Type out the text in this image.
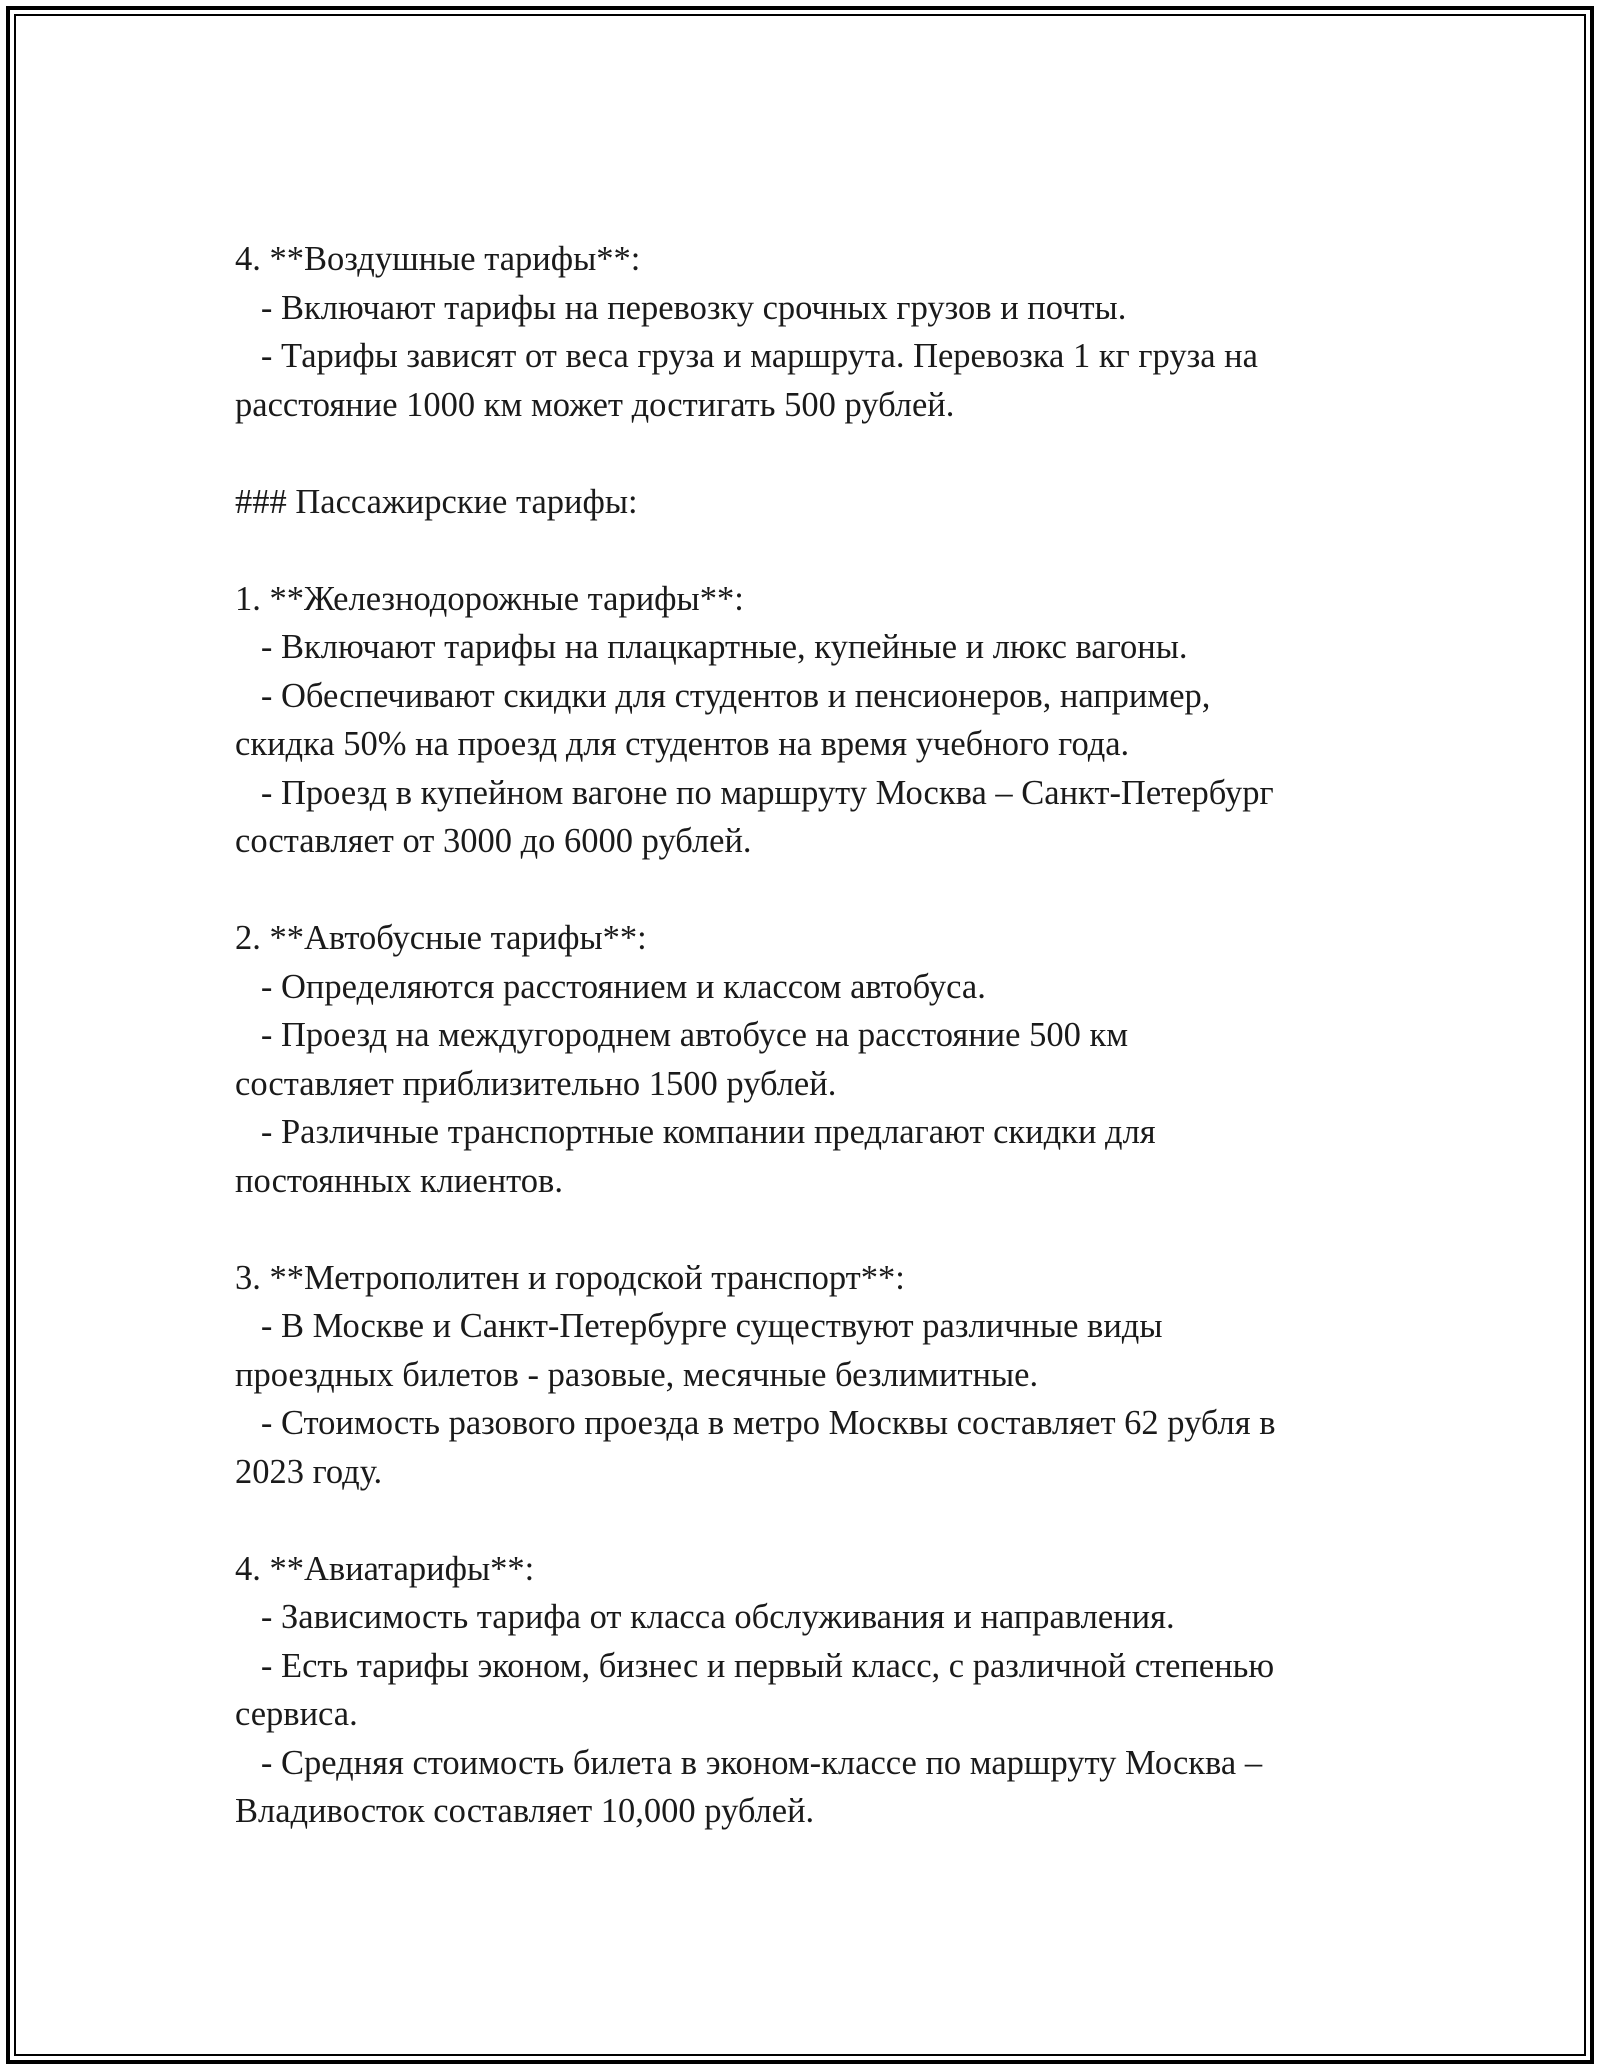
4. **Воздушные тарифы**:
- Включают тарифы на перевозку срочных грузов и почты.
- Тарифы зависят от веса груза и маршрута. Перевозка 1 кг груза на
расстояние 1000 км может достигать 500 рублей.
### Пассажирские тарифы:
1. **Железнодорожные тарифы**:
- Включают тарифы на плацкартные, купейные и люкс вагоны.
- Обеспечивают скидки для студентов и пенсионеров, например,
скидка 50% на проезд для студентов на время учебного года.
- Проезд в купейном вагоне по маршруту Москва – Санкт-Петербург
составляет от 3000 до 6000 рублей.
2. **Автобусные тарифы**:
- Определяются расстоянием и классом автобуса.
- Проезд на междугороднем автобусе на расстояние 500 км
составляет приблизительно 1500 рублей.
- Различные транспортные компании предлагают скидки для
постоянных клиентов.
3. **Метрополитен и городской транспорт**:
- В Москве и Санкт-Петербурге существуют различные виды
проездных билетов - разовые, месячные безлимитные.
- Стоимость разового проезда в метро Москвы составляет 62 рубля в
2023 году.
4. **Авиатарифы**:
- Зависимость тарифа от класса обслуживания и направления.
- Есть тарифы эконом, бизнес и первый класс, с различной степенью
сервиса.
- Средняя стоимость билета в эконом-классе по маршруту Москва –
Владивосток составляет 10,000 рублей.
